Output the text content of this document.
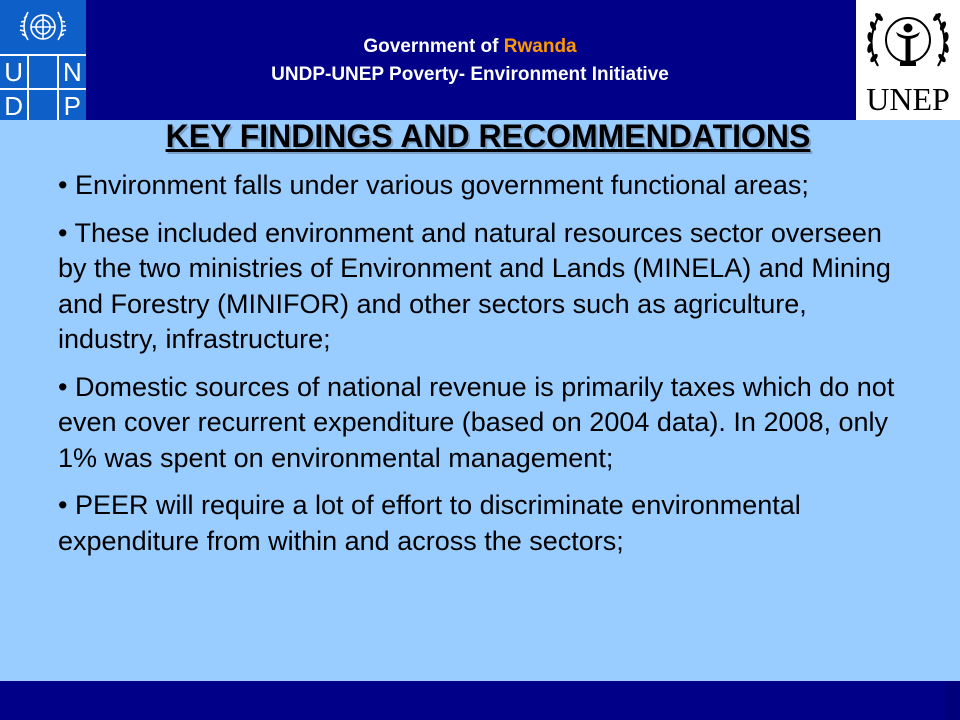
U N
D P
Government of Rwanda
UNDP-UNEP Poverty- Environment Initiative
UNEP
KEY FINDINGS AND RECOMMENDATIONS

• Environment falls under various government functional areas;

• These included environment and natural resources sector overseen by the two ministries of Environment and Lands (MINELA) and Mining and Forestry (MINIFOR) and other sectors such as agriculture, industry, infrastructure;

• Domestic sources of national revenue is primarily taxes which do not even cover recurrent expenditure (based on 2004 data). In 2008, only 1% was spent on environmental management;

• PEER will require a lot of effort to discriminate environmental expenditure from within and across the sectors;
